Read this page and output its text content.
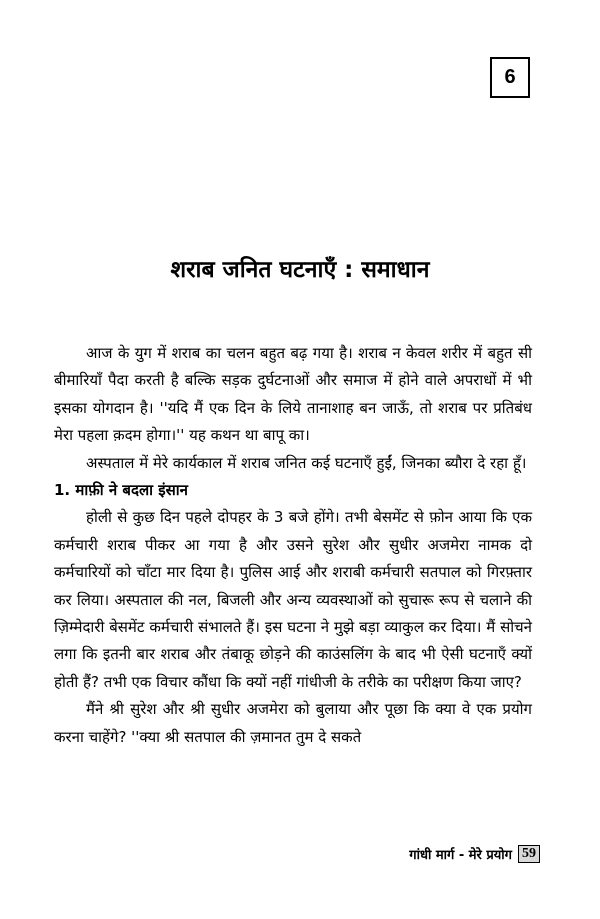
6
शराब जनित घटनाएँ : समाधान

आज के युग में शराब का चलन बहुत बढ़ गया है। शराब न केवल शरीर में बहुत सी बीमारियाँ पैदा करती है बल्कि सड़क दुर्घटनाओं और समाज में होने वाले अपराधों में भी इसका योगदान है। ''यदि मैं एक दिन के लिये तानाशाह बन जाऊँ, तो शराब पर प्रतिबंध मेरा पहला क़दम होगा।'' यह कथन था बापू का।

अस्पताल में मेरे कार्यकाल में शराब जनित कई घटनाएँ हुईं, जिनका ब्यौरा दे रहा हूँ।

1. माफ़ी ने बदला इंसान

होली से कुछ दिन पहले दोपहर के 3 बजे होंगे। तभी बेसमेंट से फ़ोन आया कि एक कर्मचारी शराब पीकर आ गया है और उसने सुरेश और सुधीर अजमेरा नामक दो कर्मचारियों को चाँटा मार दिया है। पुलिस आई और शराबी कर्मचारी सतपाल को गिरफ़्तार कर लिया। अस्पताल की नल, बिजली और अन्य व्यवस्थाओं को सुचारू रूप से चलाने की ज़िम्मेदारी बेसमेंट कर्मचारी संभालते हैं। इस घटना ने मुझे बड़ा व्याकुल कर दिया। मैं सोचने लगा कि इतनी बार शराब और तंबाकू छोड़ने की काउंसलिंग के बाद भी ऐसी घटनाएँ क्यों होती हैं? तभी एक विचार कौंधा कि क्यों नहीं गांधीजी के तरीके का परीक्षण किया जाए?

मैंने श्री सुरेश और श्री सुधीर अजमेरा को बुलाया और पूछा कि क्या वे एक प्रयोग करना चाहेंगे? ''क्या श्री सतपाल की ज़मानत तुम दे सकते

गांधी मार्ग - मेरे प्रयोग 59
